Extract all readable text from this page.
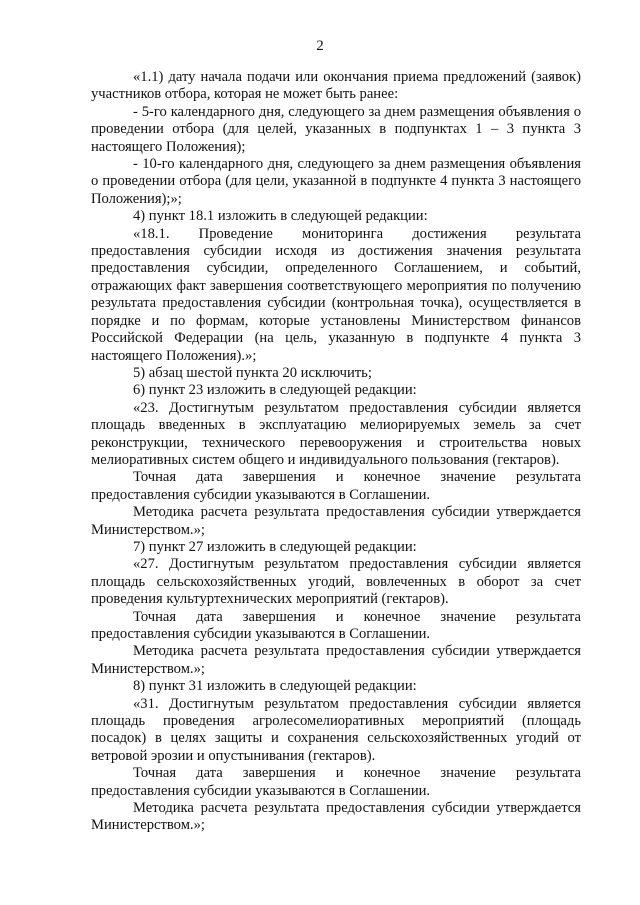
2

«1.1) дату начала подачи или окончания приема предложений (заявок) участников отбора, которая не может быть ранее:

- 5-го календарного дня, следующего за днем размещения объявления о проведении отбора (для целей, указанных в подпунктах 1 – 3 пункта 3 настоящего Положения);

- 10-го календарного дня, следующего за днем размещения объявления о проведении отбора (для цели, указанной в подпункте 4 пункта 3 настоящего Положения);»;

4) пункт 18.1 изложить в следующей редакции:

«18.1. Проведение мониторинга достижения результата предоставления субсидии исходя из достижения значения результата предоставления субсидии, определенного Соглашением, и событий, отражающих факт завершения соответствующего мероприятия по получению результата предоставления субсидии (контрольная точка), осуществляется в порядке и по формам, которые установлены Министерством финансов Российской Федерации (на цель, указанную в подпункте 4 пункта 3 настоящего Положения).»;

5) абзац шестой пункта 20 исключить;

6) пункт 23 изложить в следующей редакции:

«23. Достигнутым результатом предоставления субсидии является площадь введенных в эксплуатацию мелиорируемых земель за счет реконструкции, технического перевооружения и строительства новых мелиоративных систем общего и индивидуального пользования (гектаров).

Точная дата завершения и конечное значение результата предоставления субсидии указываются в Соглашении.

Методика расчета результата предоставления субсидии утверждается Министерством.»;

7) пункт 27 изложить в следующей редакции:

«27. Достигнутым результатом предоставления субсидии является площадь сельскохозяйственных угодий, вовлеченных в оборот за счет проведения культуртехнических мероприятий (гектаров).

Точная дата завершения и конечное значение результата предоставления субсидии указываются в Соглашении.

Методика расчета результата предоставления субсидии утверждается Министерством.»;

8) пункт 31 изложить в следующей редакции:

«31. Достигнутым результатом предоставления субсидии является площадь проведения агролесомелиоративных мероприятий (площадь посадок) в целях защиты и сохранения сельскохозяйственных угодий от ветровой эрозии и опустынивания (гектаров).

Точная дата завершения и конечное значение результата предоставления субсидии указываются в Соглашении.

Методика расчета результата предоставления субсидии утверждается Министерством.»;
